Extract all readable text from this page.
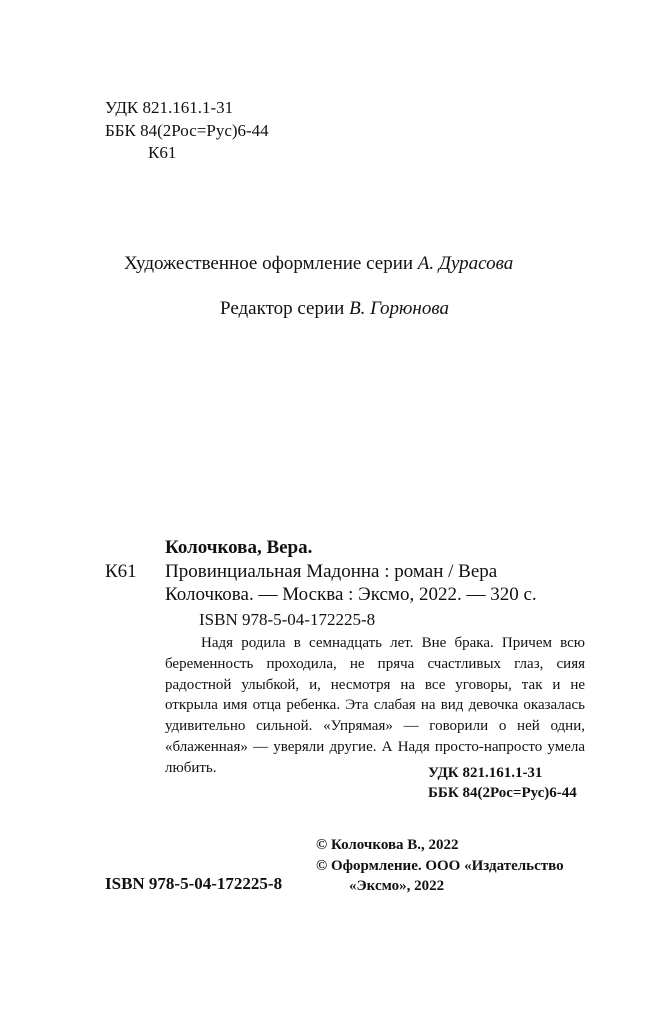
УДК 821.161.1-31
ББК 84(2Рос=Рус)6-44
К61
Художественное оформление серии А. Дурасова
Редактор серии В. Горюнова
Колочкова, Вера.
К61 Провинциальная Мадонна : роман / Вера
Колочкова. — Москва : Эксмо, 2022. — 320 с.
ISBN 978-5-04-172225-8

Надя родила в семнадцать лет. Вне брака. Причем всю беременность проходила, не пряча счастливых глаз, сияя радостной улыбкой, и, несмотря на все уговоры, так и не открыла имя отца ребенка. Эта слабая на вид девочка оказалась удивительно сильной. «Упрямая» — говорили о ней одни, «блаженная» — уверяли другие. А Надя просто-напросто умела любить.	УДК 821.161.1-31
ББК 84(2Рос=Рус)6-44
© Колочкова В., 2022
© Оформление. ООО «Издательство
«Эксмо», 2022
ISBN 978-5-04-172225-8
